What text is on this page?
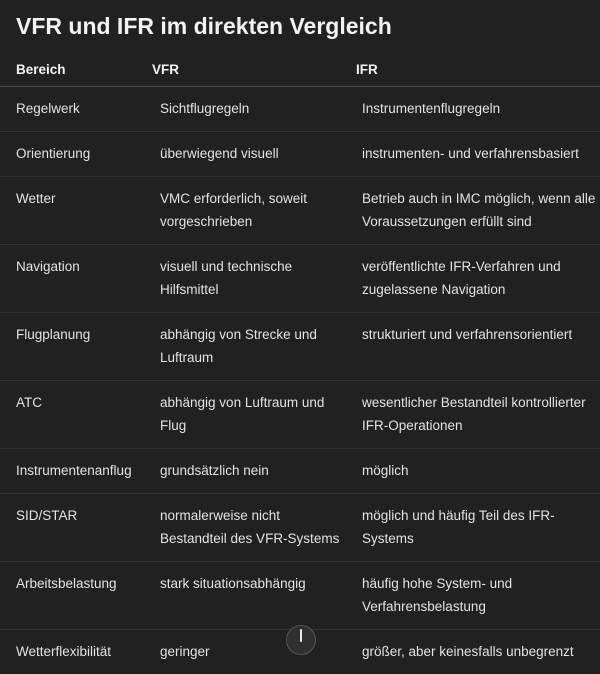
VFR und IFR im direkten Vergleich
Bereich	VFR	IFR
Regelwerk	Sichtflugregeln	Instrumentenflugregeln
Orientierung	überwiegend visuell	instrumenten- und verfahrensbasiert
Wetter	VMC erforderlich, soweit vorgeschrieben	Betrieb auch in IMC möglich, wenn alle Voraussetzungen erfüllt sind
Navigation	visuell und technische Hilfsmittel	veröffentlichte IFR-Verfahren und zugelassene Navigation
Flugplanung	abhängig von Strecke und Luftraum	strukturiert und verfahrensorientiert
ATC	abhängig von Luftraum und Flug	wesentlicher Bestandteil kontrollierter IFR-Operationen
Instrumentenanflug	grundsätzlich nein	möglich
SID/STAR	normalerweise nicht Bestandteil des VFR-Systems	möglich und häufig Teil des IFR-Systems
Arbeitsbelastung	stark situationsabhängig	häufig hohe System- und Verfahrensbelastung
Wetterflexibilität	geringer	größer, aber keinesfalls unbegrenzt
